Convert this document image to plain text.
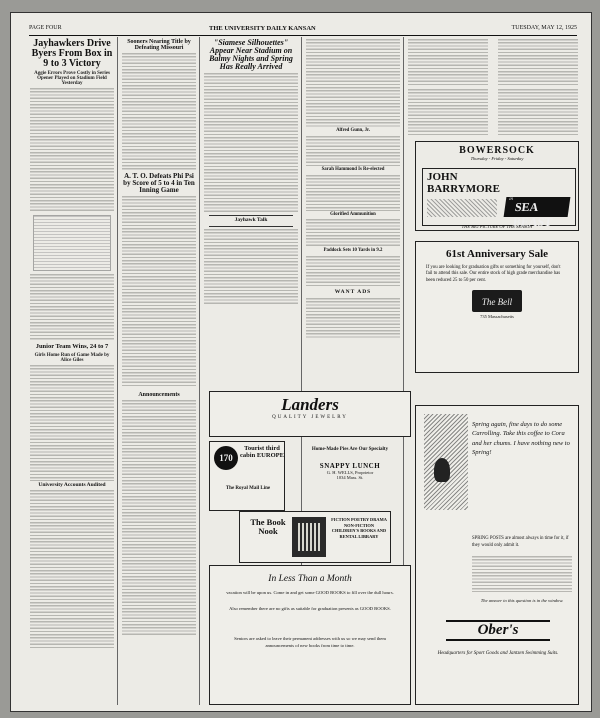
PAGE FOUR	THE UNIVERSITY DAILY KANSAN	TUESDAY, MAY 12, 1925
Jayhawkers Drive Byers From Box in 9 to 3 Victory
Aggie Errors Prove Costly in Series Opener Played on Stadium Field Yesterday
Junior Team Wins, 24 to 7
Girls Home Run of Game Made by Alice Giles
University Accounts Audited
Sooners Nearing Title by Defeating Missouri
A. T. O. Defeats Phi Psi by Score of 5 to 4 in Ten Inning Game
Announcements
"Siamese Silhouettes" Appear Near Stadium on Balmy Nights and Spring Has Really Arrived
Jayhawk Talk
Alfred Gunn, Jr.
Sarah Hammond Is Re-elected
Glorified Ammunition
Paddock Sets 10 Yards in 9.2
WANT ADS
BOWERSOCK
Thursday - Friday - Saturday
JOHN
BARRYMORE
in
SEA BEAST
THE BIG PICTURE OF THE SEASON
61st Anniversary Sale
If you are looking for graduation gifts or something for yourself, don't fail to attend this sale. Our entire stock of high grade merchandise has been reduced 25 to 50 per cent.
The Bell
735 Massachusetts
Landers
QUALITY JEWELRY
170
Tourist third cabin EUROPE
The Royal Mail Line
Home-Made Pies Are Our Specialty
SNAPPY LUNCH
G. H. WELLS, Proprietor
1034 Mass. St.
The Book Nook
FICTION POETRY DRAMA NON-FICTION CHILDREN'S BOOKS AND RENTAL LIBRARY
In Less Than a Month
vacation will be upon us. Come in and get some GOOD BOOKS to fill over the dull hours.
Also remember there are no gifts as suitable for graduation presents as GOOD BOOKS.
Seniors are asked to leave their permanent addresses with us so we may send them announcements of new books from time to time.
Spring again, fine days to do some Carrolling. Take this coffee to Cora and her chums. I have nothing new to Spring!
SPRING POSTS are almost always in time for it, if they would only admit it.
The answer to this question is in the window.
Ober's
Headquarters for Sport Goods and Jantzen Swimming Suits.
